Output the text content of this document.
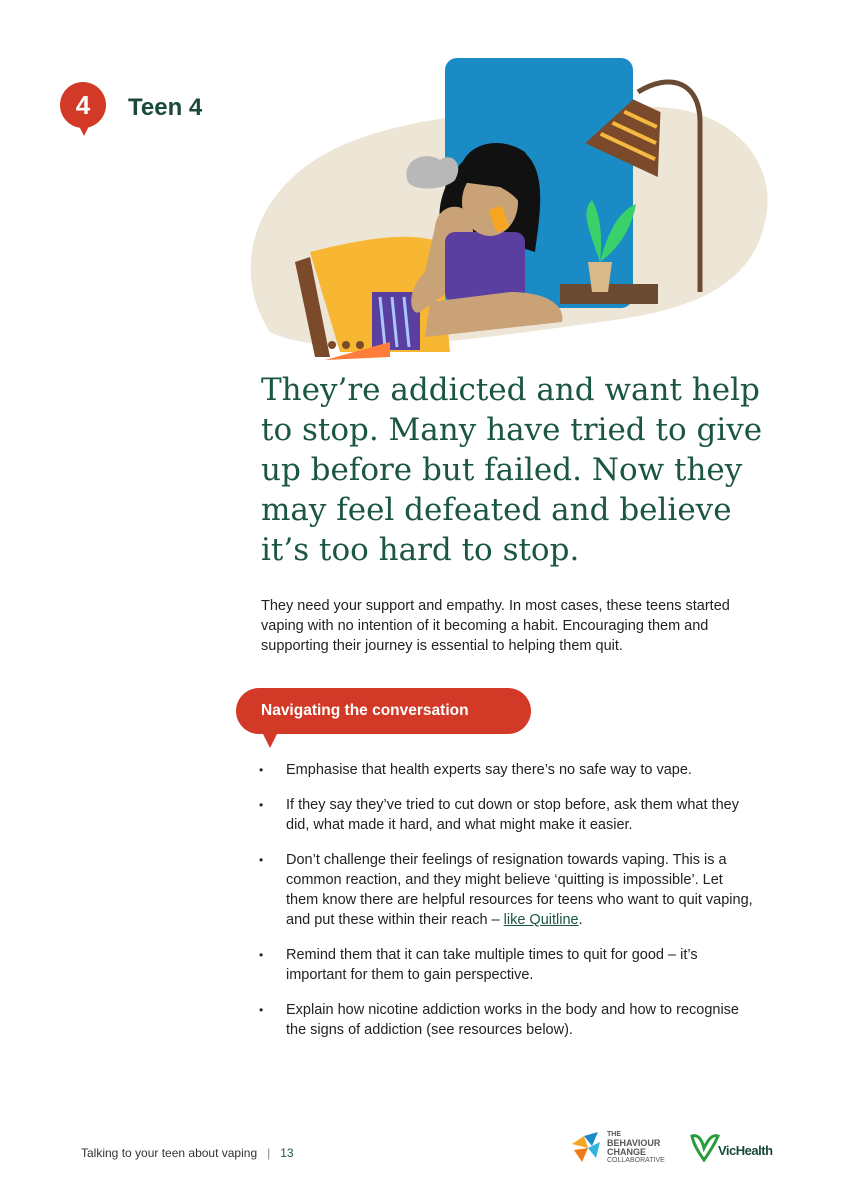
4	Teen 4
They’re addicted and want help to stop. Many have tried to give up before but failed. Now they may feel defeated and believe it’s too hard to stop.
They need your support and empathy. In most cases, these teens started vaping with no intention of it becoming a habit. Encouraging them and supporting their journey is essential to helping them quit.
Navigating the conversation
• Emphasise that health experts say there’s no safe way to vape.
• If they say they’ve tried to cut down or stop before, ask them what they did, what made it hard, and what might make it easier.
• Don’t challenge their feelings of resignation towards vaping. This is a common reaction, and they might believe ‘quitting is impossible’. Let them know there are helpful resources for teens who want to quit vaping, and put these within their reach – like Quitline.
• Remind them that it can take multiple times to quit for good – it’s important for them to gain perspective.
• Explain how nicotine addiction works in the body and how to recognise the signs of addiction (see resources below).
Talking to your teen about vaping | 13
THE
BEHAVIOUR
CHANGE
COLLABORATIVE
VicHealth
